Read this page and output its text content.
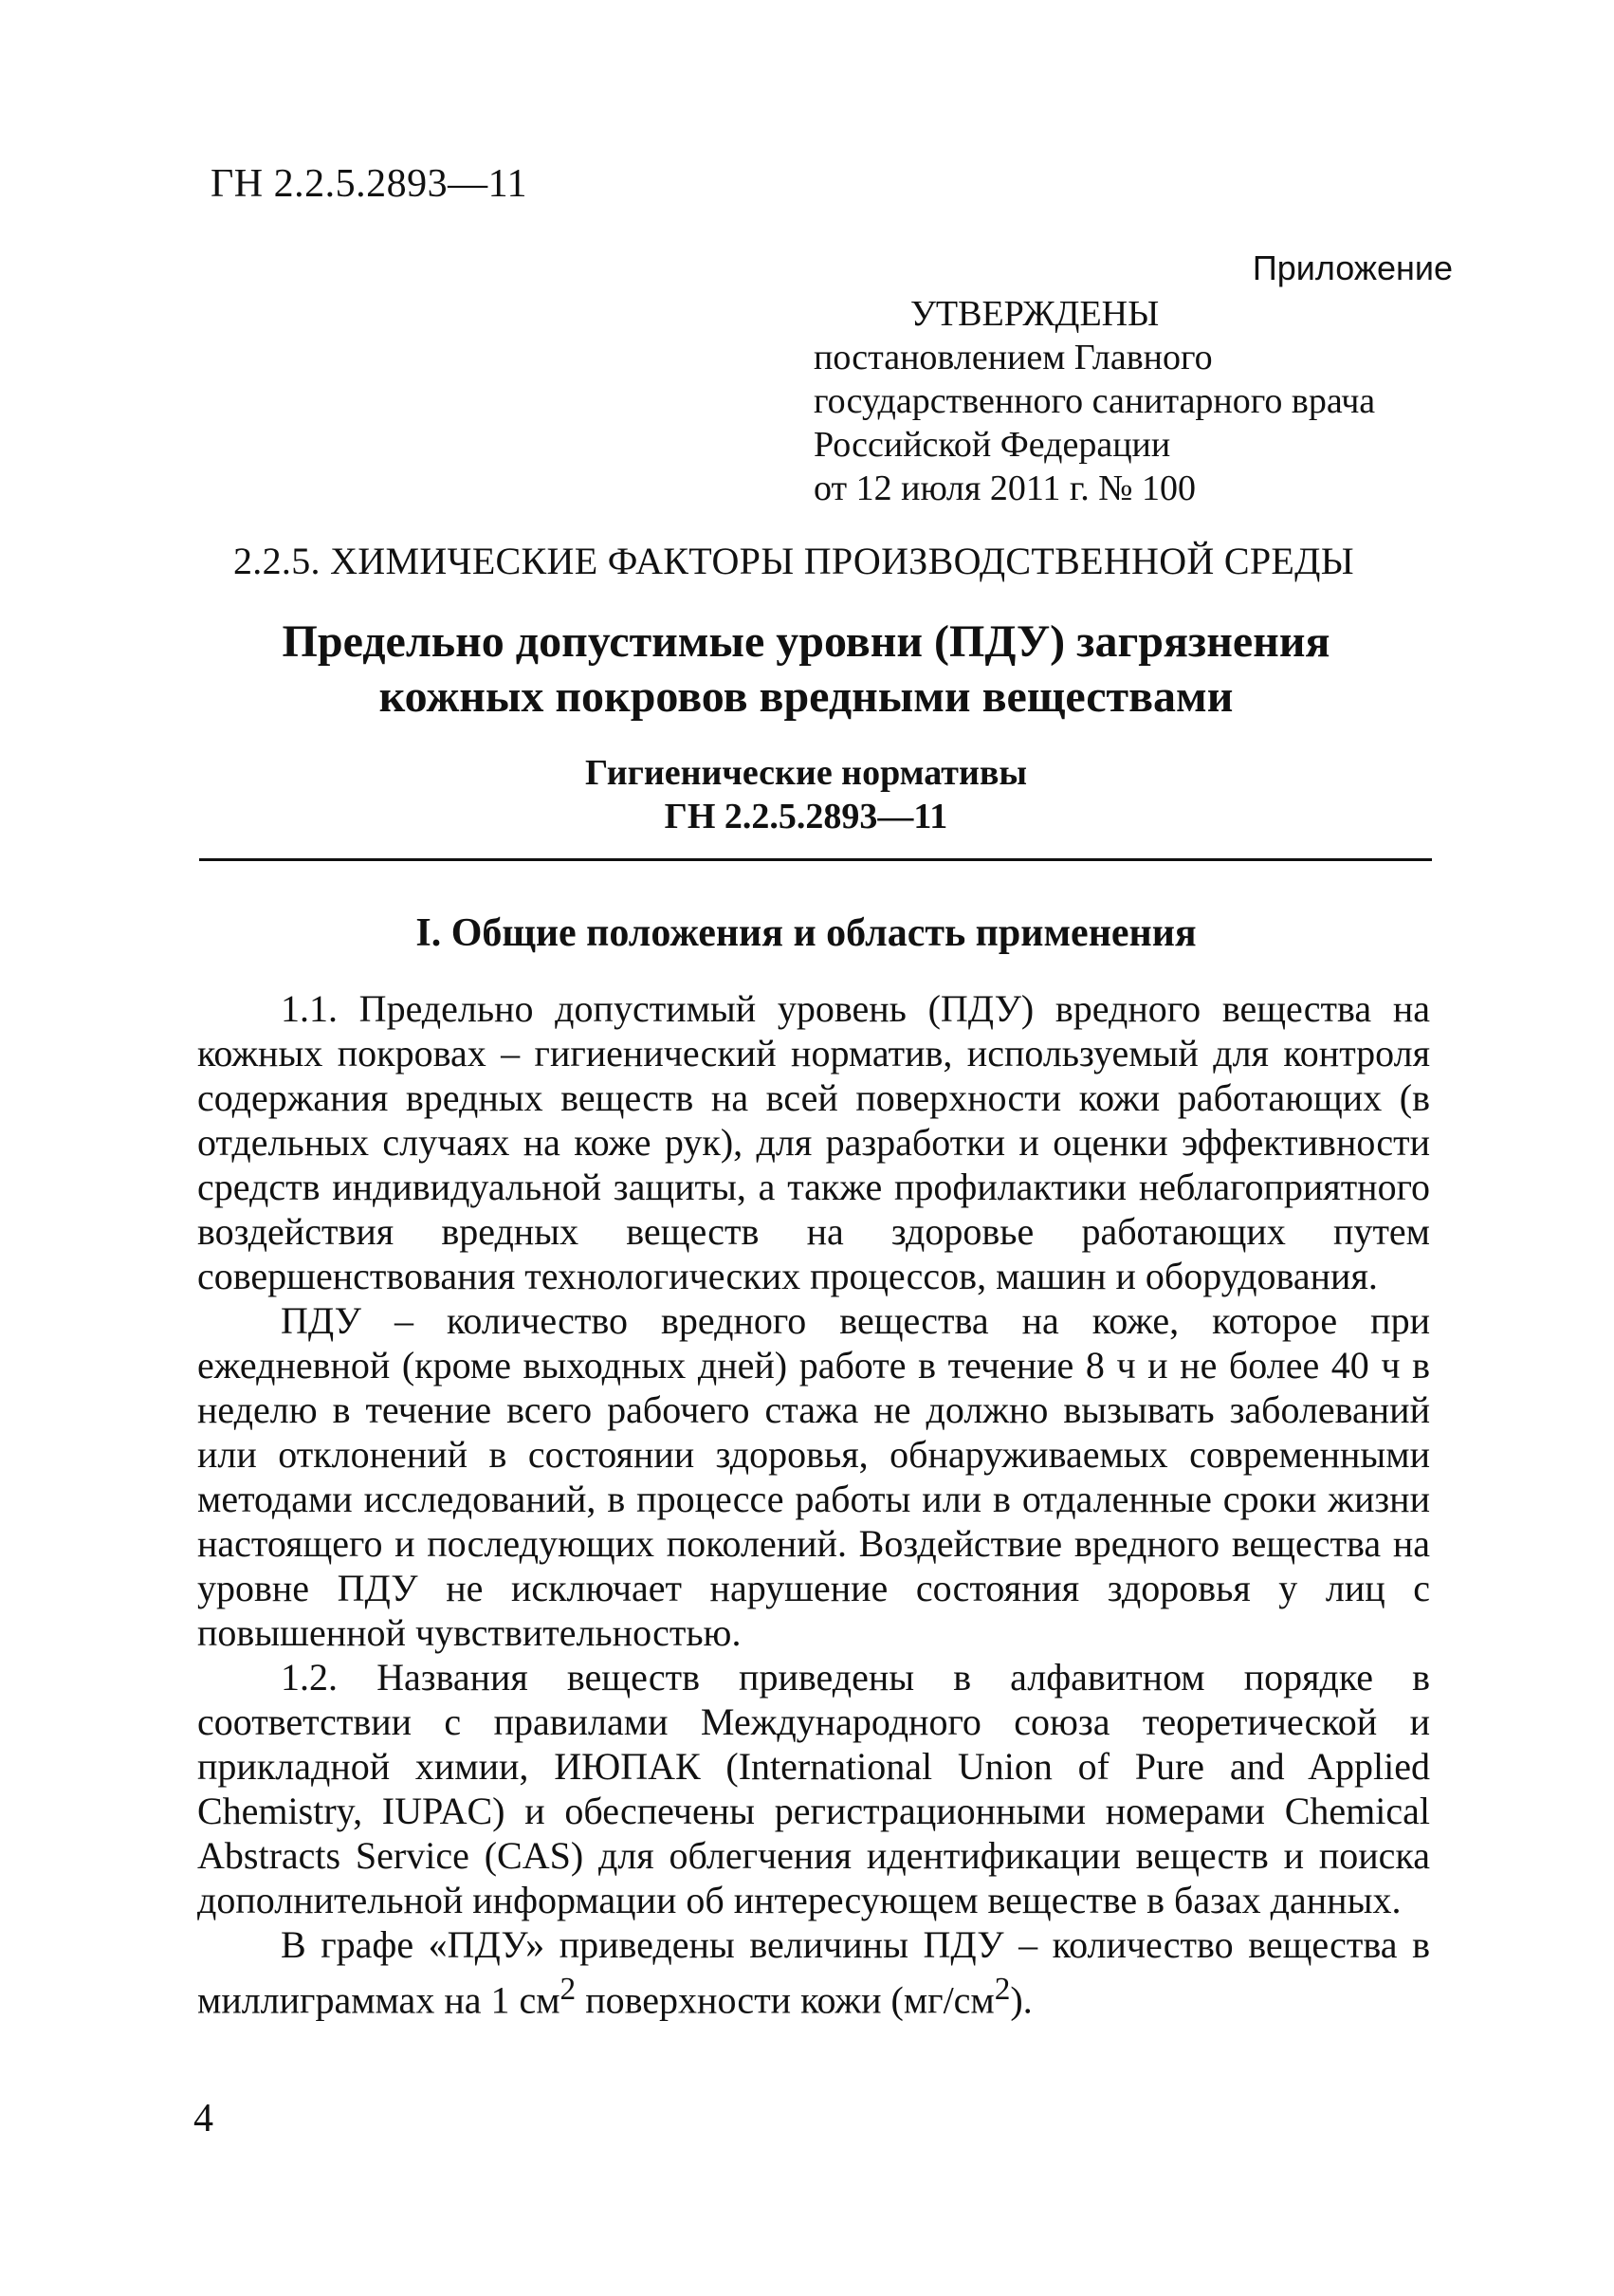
ГН 2.2.5.2893—11
Приложение
УТВЕРЖДЕНЫ
постановлением Главного
государственного санитарного врача
Российской Федерации
от 12 июля 2011 г. № 100
2.2.5. ХИМИЧЕСКИЕ ФАКТОРЫ ПРОИЗВОДСТВЕННОЙ СРЕДЫ
Предельно допустимые уровни (ПДУ) загрязнения
кожных покровов вредными веществами
Гигиенические нормативы
ГН 2.2.5.2893—11
I. Общие положения и область применения

1.1. Предельно допустимый уровень (ПДУ) вредного вещества на кожных покровах – гигиенический норматив, используемый для контроля содержания вредных веществ на всей поверхности кожи работающих (в отдельных случаях на коже рук), для разработки и оценки эффективности средств индивидуальной защиты, а также профилактики неблагоприятного воздействия вредных веществ на здоровье работающих путем совершенствования технологических процессов, машин и оборудования.

ПДУ – количество вредного вещества на коже, которое при ежедневной (кроме выходных дней) работе в течение 8 ч и не более 40 ч в неделю в течение всего рабочего стажа не должно вызывать заболеваний или отклонений в состоянии здоровья, обнаруживаемых современными методами исследований, в процессе работы или в отдаленные сроки жизни настоящего и последующих поколений. Воздействие вредного вещества на уровне ПДУ не исключает нарушение состояния здоровья у лиц с повышенной чувствительностью.

1.2. Названия веществ приведены в алфавитном порядке в соответствии с правилами Международного союза теоретической и прикладной химии, ИЮПАК (International Union of Pure and Applied Chemistry, IUPAC) и обеспечены регистрационными номерами Chemical Abstracts Service (CAS) для облегчения идентификации веществ и поиска дополнительной информации об интересующем веществе в базах данных.

В графе «ПДУ» приведены величины ПДУ – количество вещества в миллиграммах на 1 $см^2$ поверхности кожи $(мг/см^2)$.

4
